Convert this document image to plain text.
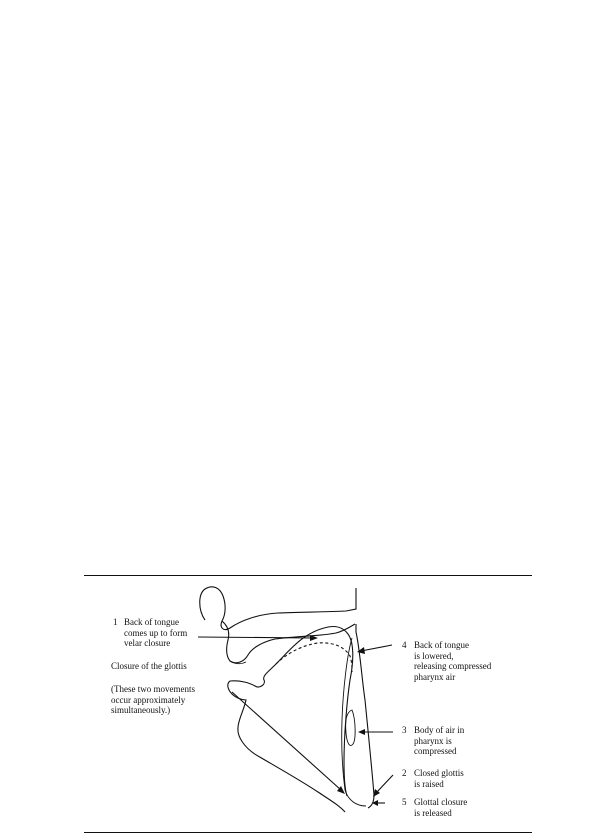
1 Back of tongue
comes up to form
velar closure
Closure of the glottis
(These two movements
occur approximately
simultaneously.)
4 Back of tongue
is lowered,
releasing compressed
pharynx air
3 Body of air in
pharynx is
compressed
2 Closed glottis
is raised
5 Glottal closure
is released
